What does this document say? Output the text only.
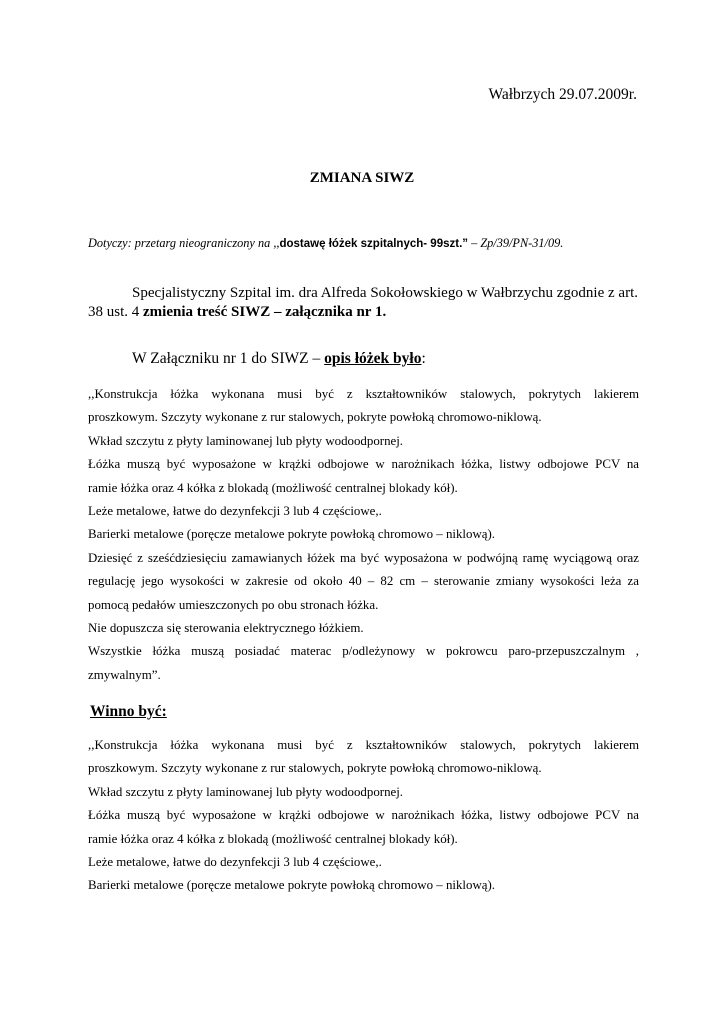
Wałbrzych 29.07.2009r.
ZMIANA SIWZ
Dotyczy: przetarg nieograniczony na ,,dostawę łóżek szpitalnych- 99szt.” – Zp/39/PN-31/09.
Specjalistyczny Szpital im. dra Alfreda Sokołowskiego w Wałbrzychu zgodnie z art. 38 ust. 4 zmienia treść SIWZ – załącznika nr 1.
W Załączniku nr 1 do SIWZ – opis łóżek było:

,,Konstrukcja łóżka wykonana musi być z kształtowników stalowych, pokrytych lakierem

proszkowym. Szczyty wykonane z rur stalowych, pokryte powłoką chromowo-niklową.

Wkład szczytu z płyty laminowanej lub płyty wodoodpornej.

Łóżka muszą być wyposażone w krążki odbojowe w narożnikach łóżka, listwy odbojowe PCV na

ramie łóżka oraz 4 kółka z blokadą (możliwość centralnej blokady kół).

Leże metalowe, łatwe do dezynfekcji 3 lub 4 częściowe,.

Barierki metalowe (poręcze metalowe pokryte powłoką chromowo – niklową).

Dziesięć z sześćdziesięciu zamawianych łóżek ma być wyposażona w podwójną ramę wyciągową oraz

regulację jego wysokości w zakresie od około 40 – 82 cm – sterowanie zmiany wysokości leża za

pomocą pedałów umieszczonych po obu stronach łóżka.

Nie dopuszcza się sterowania elektrycznego łóżkiem.

Wszystkie łóżka muszą posiadać materac p/odleżynowy w pokrowcu paro-przepuszczalnym ,

zmywalnym”.

Winno być:

,,Konstrukcja łóżka wykonana musi być z kształtowników stalowych, pokrytych lakierem

proszkowym. Szczyty wykonane z rur stalowych, pokryte powłoką chromowo-niklową.

Wkład szczytu z płyty laminowanej lub płyty wodoodpornej.

Łóżka muszą być wyposażone w krążki odbojowe w narożnikach łóżka, listwy odbojowe PCV na

ramie łóżka oraz 4 kółka z blokadą (możliwość centralnej blokady kół).

Leże metalowe, łatwe do dezynfekcji 3 lub 4 częściowe,.

Barierki metalowe (poręcze metalowe pokryte powłoką chromowo – niklową).
